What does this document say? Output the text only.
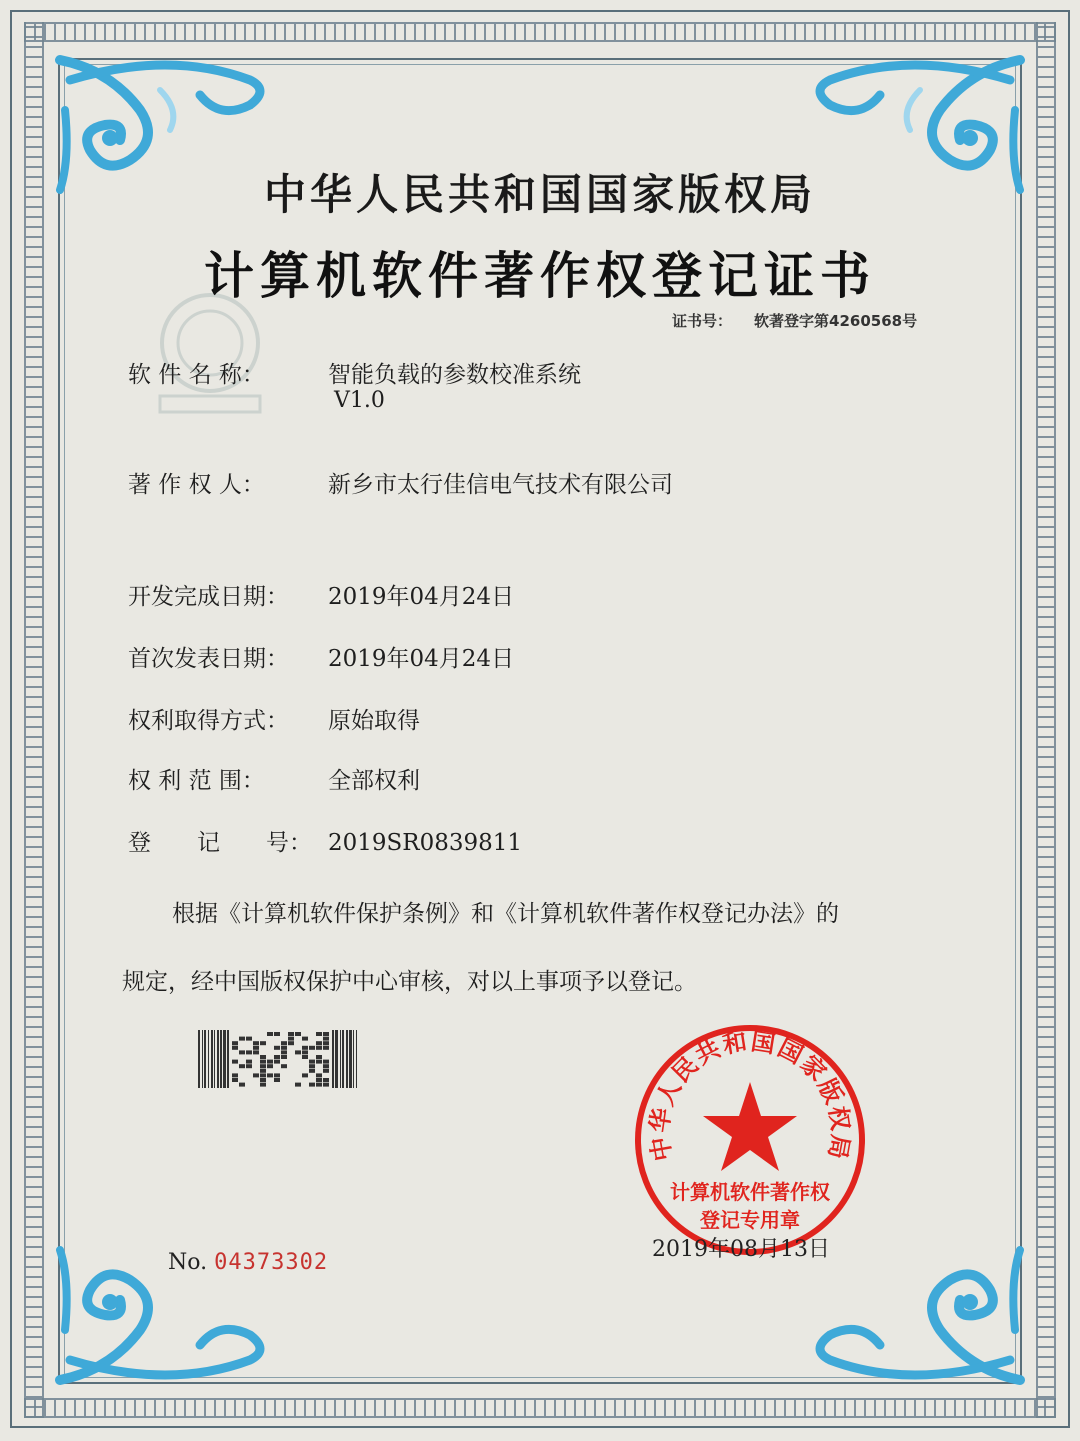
中华人民共和国国家版权局
计算机软件著作权登记证书
证书号： 软著登字第4260568号
软 件 名 称：	智能负载的参数校准系统
V1.0
著 作 权 人：	新乡市太行佳信电气技术有限公司
开发完成日期： 2019年04月24日
首次发表日期： 2019年04月24日
权利取得方式： 原始取得
权 利 范 围：	全部权利
登　　记　　号： 2019SR0839811
根据《计算机软件保护条例》和《计算机软件著作权登记办法》的
规定，经中国版权保护中心审核，对以上事项予以登记。
中华人民共和国国家版权局
计算机软件著作权
登记专用章
2019年08月13日
No. 04373302
